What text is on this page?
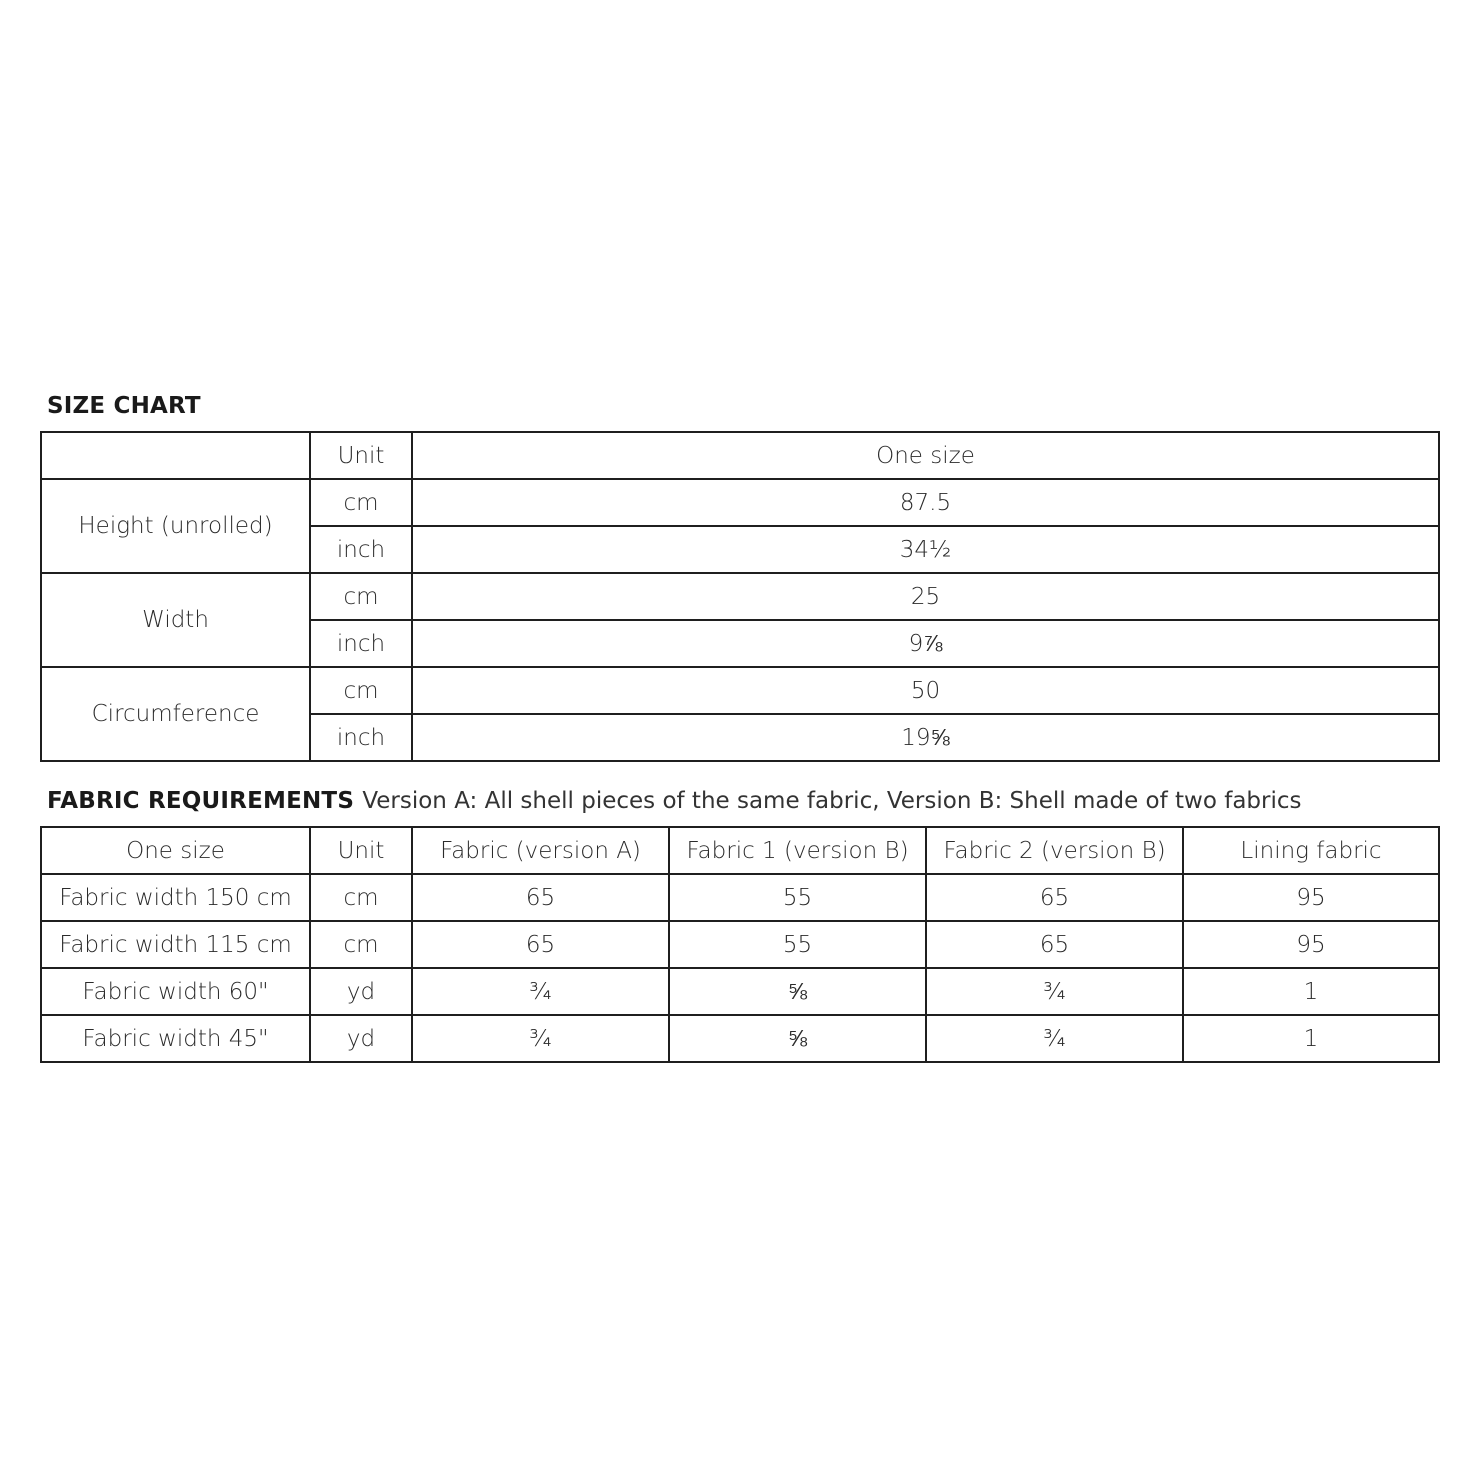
SIZE CHART
	Unit	One size
Height (unrolled)	cm	87.5
	inch	34½
Width	cm	25
	inch	9⅞
Circumference	cm	50
	inch	19⅝
FABRIC REQUIREMENTS Version A: All shell pieces of the same fabric, Version B: Shell made of two fabrics
One size	Unit	Fabric (version A)	Fabric 1 (version B)	Fabric 2 (version B)	Lining fabric
Fabric width 150 cm	cm	65	55	65	95
Fabric width 115 cm	cm	65	55	65	95
Fabric width 60"	yd	¾	⅝	¾	1
Fabric width 45"	yd	¾	⅝	¾	1
